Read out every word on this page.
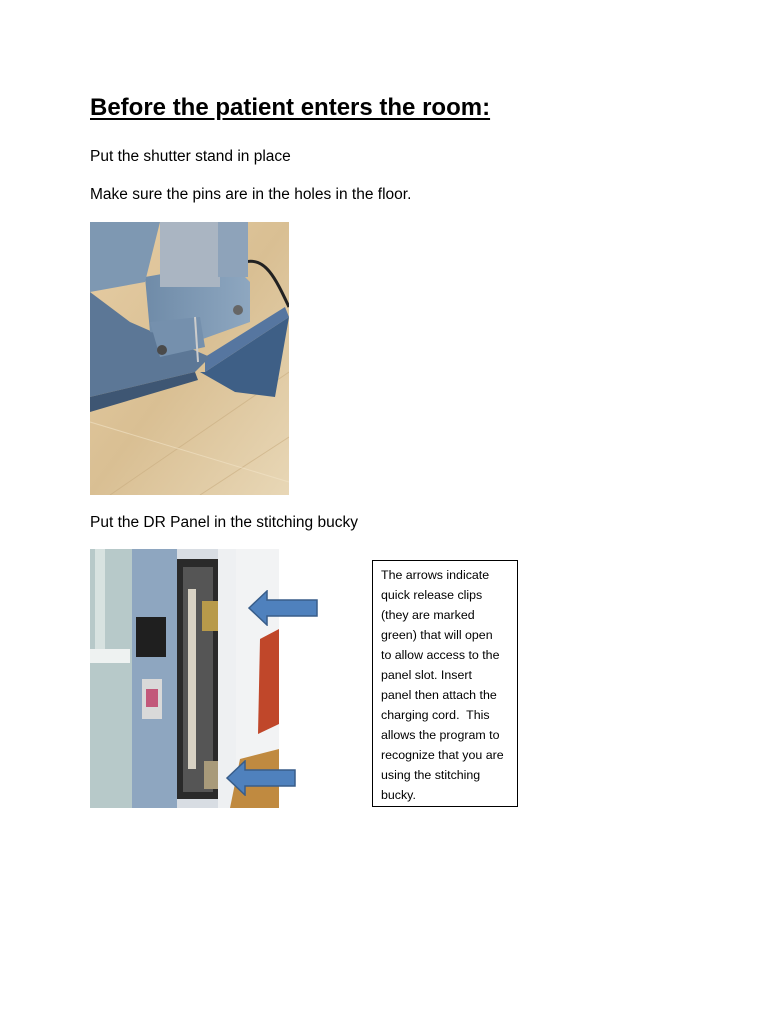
Before the patient enters the room:

Put the shutter stand in place

Make sure the pins are in the holes in the floor.

Put the DR Panel in the stitching bucky

The arrows indicate
quick release clips
(they are marked
green) that will open
to allow access to the
panel slot. Insert
panel then attach the
charging cord.  This
allows the program to
recognize that you are
using the stitching
bucky.
